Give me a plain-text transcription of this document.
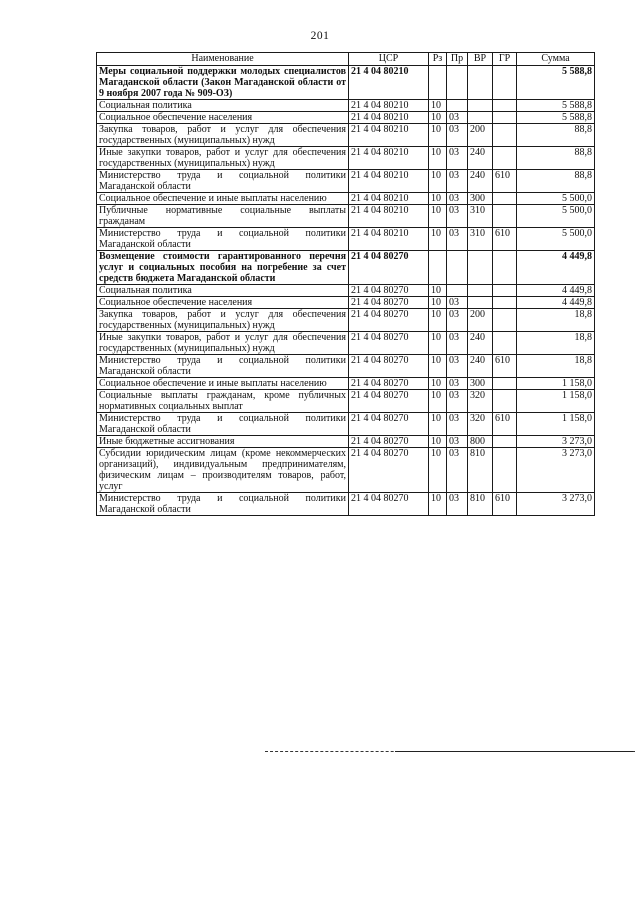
201
Наименование	ЦСР	Рз	Пр	ВР	ГР	Сумма
Меры социальной поддержки молодых специалистов Магаданской области (Закон Магаданской области от 9 ноября 2007 года № 909-ОЗ)	21 4 04 80210					5 588,8
Социальная политика	21 4 04 80210	10				5 588,8
Социальное обеспечение населения	21 4 04 80210	10	03			5 588,8
Закупка товаров, работ и услуг для обеспечения государственных (муниципальных) нужд	21 4 04 80210	10	03	200		88,8
Иные закупки товаров, работ и услуг для обеспечения государственных (муниципальных) нужд	21 4 04 80210	10	03	240		88,8
Министерство труда и социальной политики Магаданской области	21 4 04 80210	10	03	240	610	88,8
Социальное обеспечение и иные выплаты населению	21 4 04 80210	10	03	300		5 500,0
Публичные нормативные социальные выплаты гражданам	21 4 04 80210	10	03	310		5 500,0
Министерство труда и социальной политики Магаданской области	21 4 04 80210	10	03	310	610	5 500,0
Возмещение стоимости гарантированного перечня услуг и социальных пособия на погребение за счет средств бюджета Магаданской области	21 4 04 80270					4 449,8
Социальная политика	21 4 04 80270	10				4 449,8
Социальное обеспечение населения	21 4 04 80270	10	03			4 449,8
Закупка товаров, работ и услуг для обеспечения государственных (муниципальных) нужд	21 4 04 80270	10	03	200		18,8
Иные закупки товаров, работ и услуг для обеспечения государственных (муниципальных) нужд	21 4 04 80270	10	03	240		18,8
Министерство труда и социальной политики Магаданской области	21 4 04 80270	10	03	240	610	18,8
Социальное обеспечение и иные выплаты населению	21 4 04 80270	10	03	300		1 158,0
Социальные выплаты гражданам, кроме публичных нормативных социальных выплат	21 4 04 80270	10	03	320		1 158,0
Министерство труда и социальной политики Магаданской области	21 4 04 80270	10	03	320	610	1 158,0
Иные бюджетные ассигнования	21 4 04 80270	10	03	800		3 273,0
Субсидии юридическим лицам (кроме некоммерческих организаций), индивидуальным предпринимателям, физическим лицам – производителям товаров, работ, услуг	21 4 04 80270	10	03	810		3 273,0
Министерство труда и социальной политики Магаданской области	21 4 04 80270	10	03	810	610	3 273,0
